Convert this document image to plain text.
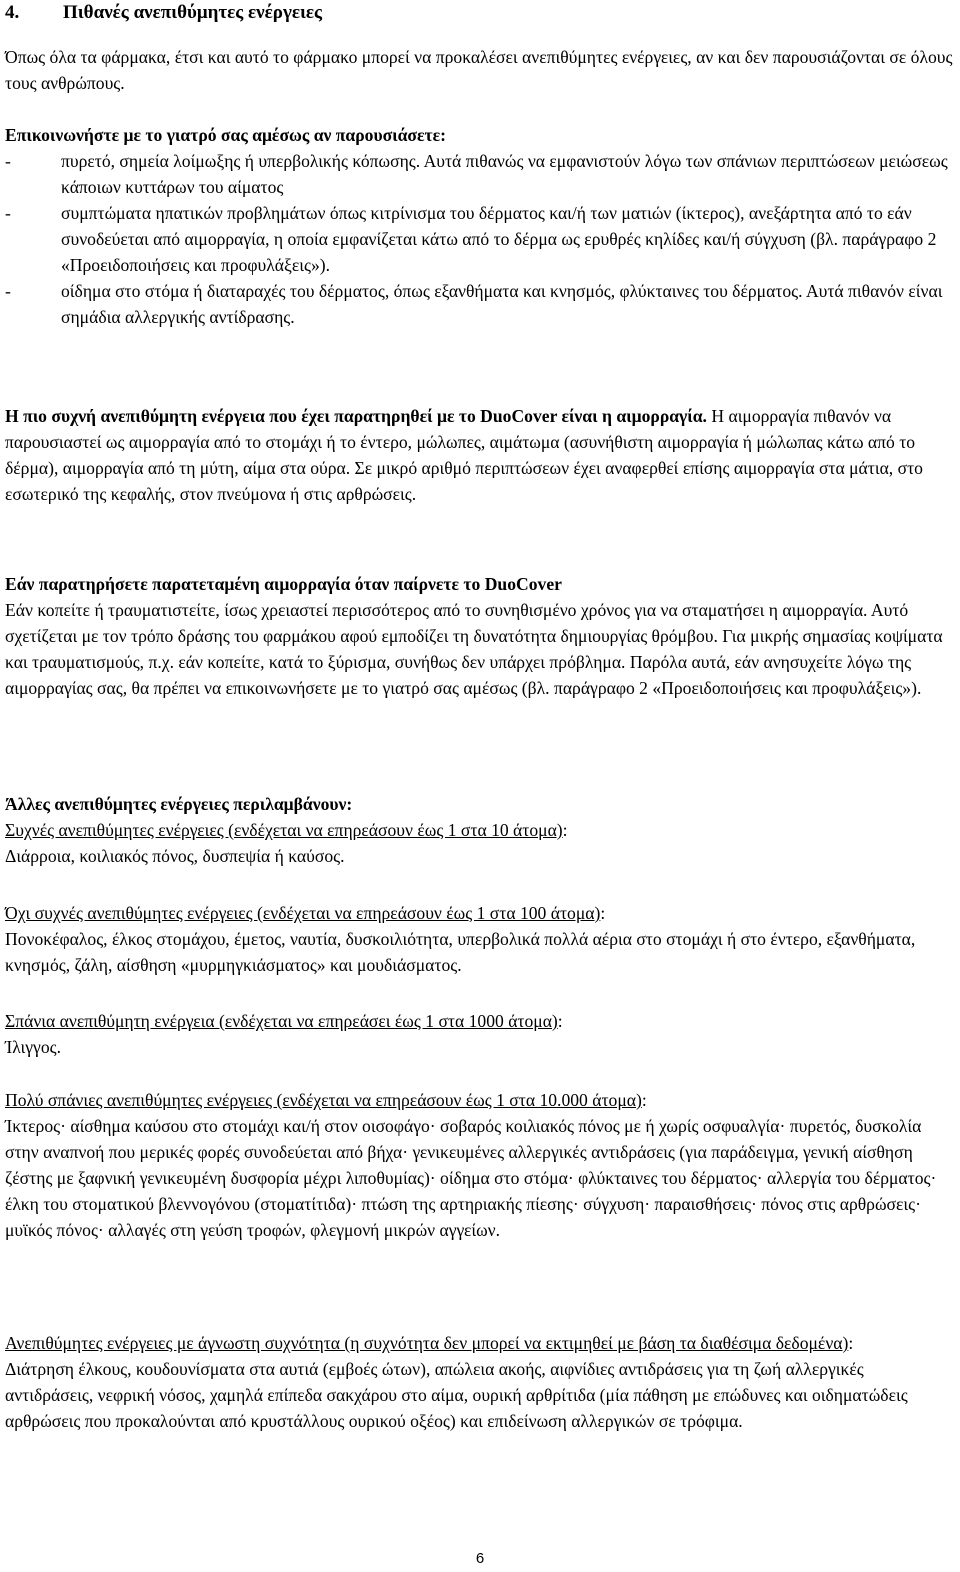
4. Πιθανές ανεπιθύμητες ενέργειες

Όπως όλα τα φάρμακα, έτσι και αυτό το φάρμακο μπορεί να προκαλέσει ανεπιθύμητες ενέργειες, αν και δεν παρουσιάζονται σε όλους τους ανθρώπους.

Επικοινωνήστε με το γιατρό σας αμέσως αν παρουσιάσετε:

-	πυρετό, σημεία λοίμωξης ή υπερβολικής κόπωσης. Αυτά πιθανώς να εμφανιστούν λόγω των σπάνιων περιπτώσεων μειώσεως κάποιων κυττάρων του αίματος
-	συμπτώματα ηπατικών προβλημάτων όπως κιτρίνισμα του δέρματος και/ή των ματιών (ίκτερος), ανεξάρτητα από το εάν συνοδεύεται από αιμορραγία, η οποία εμφανίζεται κάτω από το δέρμα ως ερυθρές κηλίδες και/ή σύγχυση (βλ. παράγραφο 2 «Προειδοποιήσεις και προφυλάξεις»).
-	οίδημα στο στόμα ή διαταραχές του δέρματος, όπως εξανθήματα και κνησμός, φλύκταινες του δέρματος. Αυτά πιθανόν είναι σημάδια αλλεργικής αντίδρασης.

Η πιο συχνή ανεπιθύμητη ενέργεια που έχει παρατηρηθεί με το DuoCover είναι η αιμορραγία. Η αιμορραγία πιθανόν να παρουσιαστεί ως αιμορραγία από το στομάχι ή το έντερο, μώλωπες, αιμάτωμα (ασυνήθιστη αιμορραγία ή μώλωπας κάτω από το δέρμα), αιμορραγία από τη μύτη, αίμα στα ούρα. Σε μικρό αριθμό περιπτώσεων έχει αναφερθεί επίσης αιμορραγία στα μάτια, στο εσωτερικό της κεφαλής, στον πνεύμονα ή στις αρθρώσεις.

Εάν παρατηρήσετε παρατεταμένη αιμορραγία όταν παίρνετε το DuoCover

Εάν κοπείτε ή τραυματιστείτε, ίσως χρειαστεί περισσότερος από το συνηθισμένο χρόνος για να σταματήσει η αιμορραγία. Αυτό σχετίζεται με τον τρόπο δράσης του φαρμάκου αφού εμποδίζει τη δυνατότητα δημιουργίας θρόμβου. Για μικρής σημασίας κοψίματα και τραυματισμούς, π.χ. εάν κοπείτε, κατά το ξύρισμα, συνήθως δεν υπάρχει πρόβλημα. Παρόλα αυτά, εάν ανησυχείτε λόγω της αιμορραγίας σας, θα πρέπει να επικοινωνήσετε με το γιατρό σας αμέσως (βλ. παράγραφο 2 «Προειδοποιήσεις και προφυλάξεις»).

Άλλες ανεπιθύμητες ενέργειες περιλαμβάνουν:

Συχνές ανεπιθύμητες ενέργειες (ενδέχεται να επηρεάσουν έως 1 στα 10 άτομα):

Διάρροια, κοιλιακός πόνος, δυσπεψία ή καύσος.

Όχι συχνές ανεπιθύμητες ενέργειες (ενδέχεται να επηρεάσουν έως 1 στα 100 άτομα):

Πονοκέφαλος, έλκος στομάχου, έμετος, ναυτία, δυσκοιλιότητα, υπερβολικά πολλά αέρια στο στομάχι ή στο έντερο, εξανθήματα, κνησμός, ζάλη, αίσθηση «μυρμηγκιάσματος» και μουδιάσματος.

Σπάνια ανεπιθύμητη ενέργεια (ενδέχεται να επηρεάσει έως 1 στα 1000 άτομα):

Ίλιγγος.

Πολύ σπάνιες ανεπιθύμητες ενέργειες (ενδέχεται να επηρεάσουν έως 1 στα 10.000 άτομα):

Ίκτερος· αίσθημα καύσου στο στομάχι και/ή στον οισοφάγο· σοβαρός κοιλιακός πόνος με ή χωρίς οσφυαλγία· πυρετός, δυσκολία στην αναπνοή που μερικές φορές συνοδεύεται από βήχα· γενικευμένες αλλεργικές αντιδράσεις (για παράδειγμα, γενική αίσθηση ζέστης με ξαφνική γενικευμένη δυσφορία μέχρι λιποθυμίας)· οίδημα στο στόμα· φλύκταινες του δέρματος· αλλεργία του δέρματος· έλκη του στοματικού βλεννογόνου (στοματίτιδα)· πτώση της αρτηριακής πίεσης· σύγχυση· παραισθήσεις· πόνος στις αρθρώσεις· μυϊκός πόνος· αλλαγές στη γεύση τροφών, φλεγμονή μικρών αγγείων.

Ανεπιθύμητες ενέργειες με άγνωστη συχνότητα (η συχνότητα δεν μπορεί να εκτιμηθεί με βάση τα διαθέσιμα δεδομένα):

Διάτρηση έλκους, κουδουνίσματα στα αυτιά (εμβοές ώτων), απώλεια ακοής, αιφνίδιες αντιδράσεις για τη ζωή αλλεργικές αντιδράσεις, νεφρική νόσος, χαμηλά επίπεδα σακχάρου στο αίμα, ουρική αρθρίτιδα (μία πάθηση με επώδυνες και οιδηματώδεις αρθρώσεις που προκαλούνται από κρυστάλλους ουρικού οξέος) και επιδείνωση αλλεργικών σε τρόφιμα.

6
